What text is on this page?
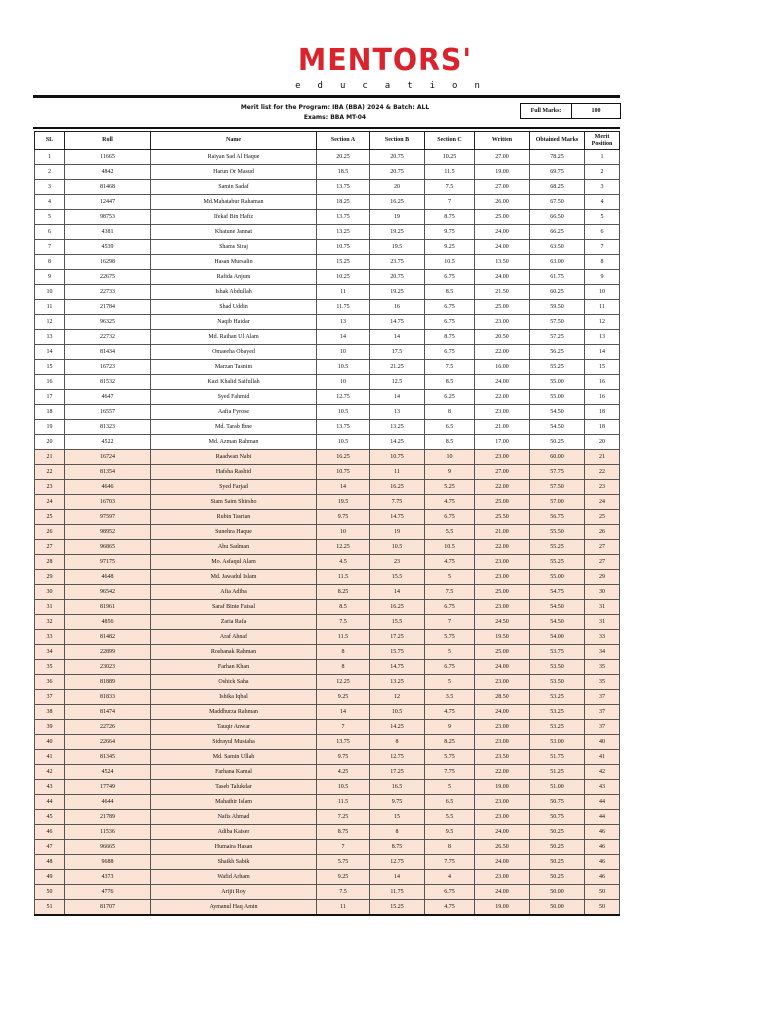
MENTORS'
education
Merit list for the Program: IBA (BBA) 2024 & Batch: ALL
Exams: BBA MT-04
Full Marks:	100
SL	Roll	Name	Section A	Section B	Section C	Written	Obtained Marks	Merit Position
1	11665	Raiyan Sad Al Haque	20.25	20.75	10.25	27.00	78.25	1
2	4842	Harun Or Masud	18.5	20.75	11.5	19.00	69.75	2
3	81468	Samin Sadaf	13.75	20	7.5	27.00	68.25	3
4	12447	Md.Mahatabur Rahaman	18.25	16.25	7	26.00	67.50	4
5	98753	Ifekaf Bin Hafiz	13.75	19	8.75	25.00	66.50	5
6	4381	Khatune Jannat	13.25	19.25	9.75	24.00	66.25	6
7	4539	Shams Siraj	10.75	19.5	9.25	24.00	63.50	7
8	16298	Hasan Mursalin	15.25	23.75	10.5	13.50	63.00	8
9	22675	Rafida Anjum	10.25	20.75	6.75	24.00	61.75	9
10	22733	Ishak Abdullah	11	19.25	8.5	21.50	60.25	10
11	21784	Shad Uddin	11.75	16	6.75	25.00	59.50	11
12	96325	Naqib Haidar	13	14.75	6.75	23.00	57.50	12
13	22732	Md. Raihan Ul Alam	14	14	8.75	20.50	57.25	13
14	81434	Omaeeha Obayed	10	17.5	6.75	22.00	56.25	14
15	16723	Marzan Tasnim	10.5	21.25	7.5	16.00	55.25	15
16	81532	Kazi Khalid Saifullah	10	12.5	8.5	24.00	55.00	16
17	4647	Syed Fahmid	12.75	14	6.25	22.00	55.00	16
18	16557	Aafia Fyrose	10.5	13	8	23.00	54.50	18
19	81323	Md. Tarab Ibne	13.75	13.25	6.5	21.00	54.50	18
20	4522	Md. Azman Rahman	10.5	14.25	8.5	17.00	50.25	20
21	16724	Raadwan Nabi	16.25	10.75	10	23.00	60.00	21
22	81354	Hafsha Rashid	10.75	11	9	27.00	57.75	22
23	4646	Syed Farjad	14	16.25	5.25	22.00	57.50	23
24	16703	Siam Saim Shirsho	19.5	7.75	4.75	25.00	57.00	24
25	97597	Rubin Tasrian	9.75	14.75	6.75	25.50	56.75	25
26	98952	Sunehra Haque	10	19	5.5	21.00	55.50	26
27	96865	Abu Sadman	12.25	10.5	10.5	22.00	55.25	27
28	97175	Mo. Asfaqul Alam	4.5	23	4.75	23.00	55.25	27
29	4648	Md. Jawadul Islam	11.5	15.5	5	23.00	55.00	29
30	96542	Afia Adiba	8.25	14	7.5	25.00	54.75	30
31	81961	Saraf Binte Faisal	8.5	16.25	6.75	23.00	54.50	31
32	4856	Zaria Rafa	7.5	15.5	7	24.50	54.50	31
33	81482	Araf Ahnaf	11.5	17.25	5.75	19.50	54.00	33
34	22899	Roshanak Rahman	8	15.75	5	25.00	53.75	34
35	23023	Farhan Khan	8	14.75	6.75	24.00	53.50	35
36	81889	Oshick Saha	12.25	13.25	5	23.00	53.50	35
37	81833	Ishika Iqbal	9.25	12	3.5	28.50	53.25	37
38	81474	Maddhurza Rahman	14	10.5	4.75	24.00	53.25	37
39	22726	Tauqir Anwar	7	14.25	9	23.00	53.25	37
40	22664	Sidrayul Mustaha	13.75	8	8.25	23.00	53.00	40
41	81345	Md. Samin Ullah	9.75	12.75	5.75	23.50	51.75	41
42	4524	Farhana Kamal	4.25	17.25	7.75	22.00	51.25	42
43	17749	Taseb Talukdar	10.5	16.5	5	19.00	51.00	43
44	4644	Mahathir Islam	11.5	9.75	6.5	23.00	50.75	44
45	21789	Nafis Ahmad	7.25	15	5.5	23.00	50.75	44
46	11536	Adiba Kaiser	8.75	8	9.5	24.00	50.25	46
47	96665	Humaira Hasan	7	8.75	8	26.50	50.25	46
48	9688	Shaikh Sabik	5.75	12.75	7.75	24.00	50.25	46
49	4373	Wafid Arham	9.25	14	4	23.00	50.25	46
50	4776	Arijit Roy	7.5	11.75	6.75	24.00	50.00	50
51	81707	Aymanul Haq Amin	11	15.25	4.75	19.00	50.00	50
